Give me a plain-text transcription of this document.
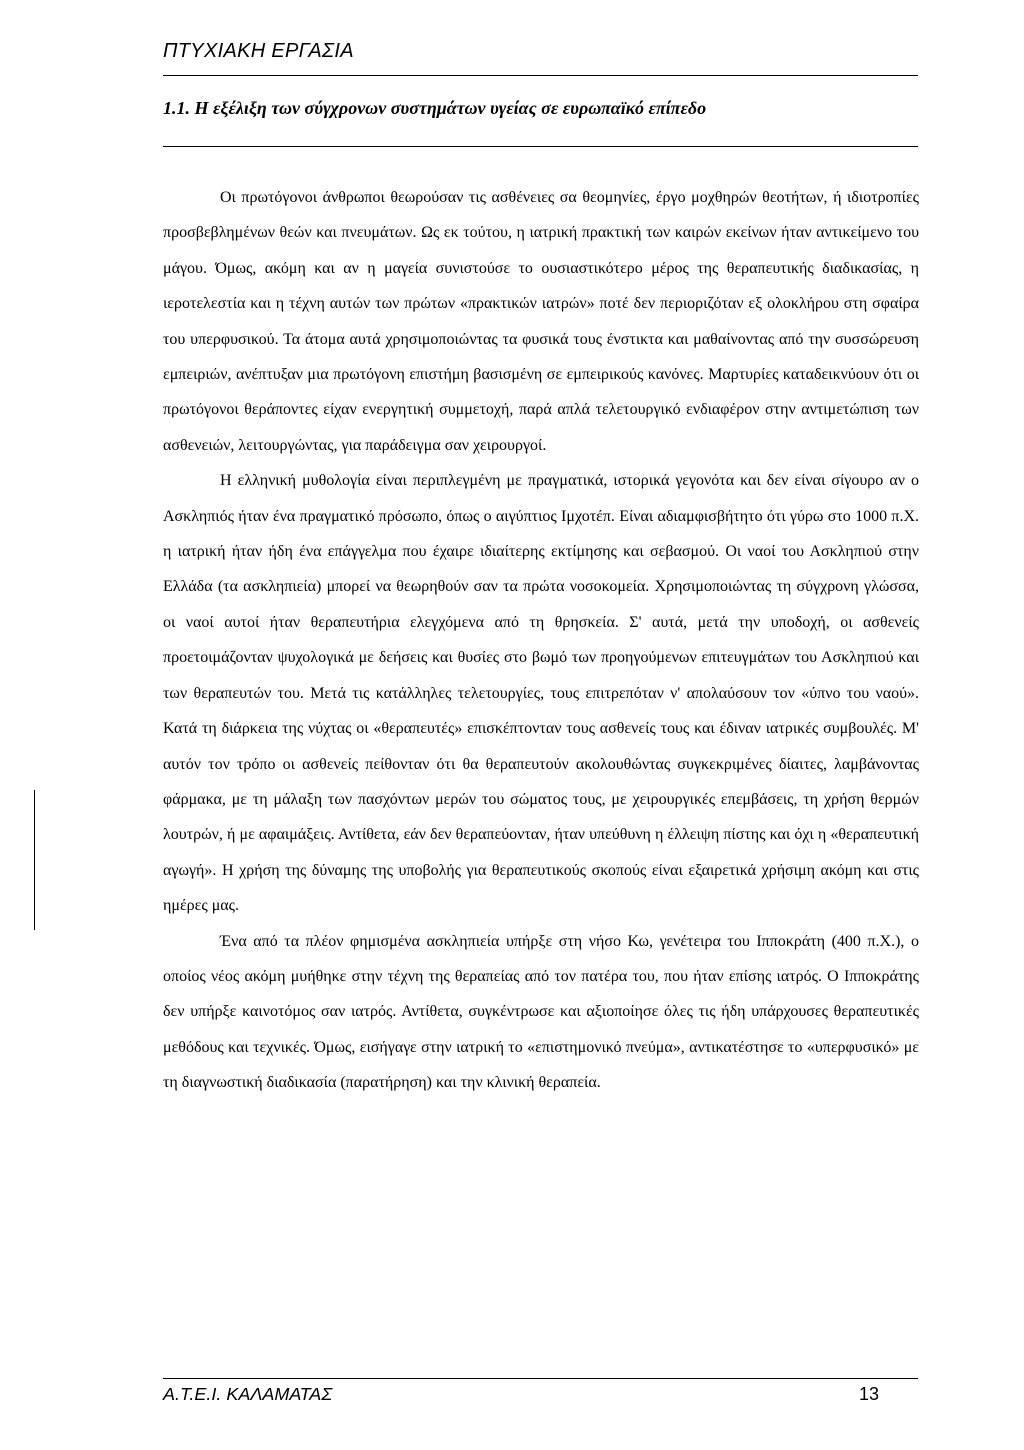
ΠΤΥΧΙΑΚΗ ΕΡΓΑΣΙΑ
1.1. Η εξέλιξη των σύγχρονων συστημάτων υγείας σε ευρωπαϊκό επίπεδο

Οι πρωτόγονοι άνθρωποι θεωρούσαν τις ασθένειες σα θεομηνίες, έργο μοχθηρών θεοτήτων, ή ιδιοτροπίες προσβεβλημένων θεών και πνευμάτων. Ως εκ τούτου, η ιατρική πρακτική των καιρών εκείνων ήταν αντικείμενο του μάγου. Όμως, ακόμη και αν η μαγεία συνιστούσε το ουσιαστικότερο μέρος της θεραπευτικής διαδικασίας, η ιεροτελεστία και η τέχνη αυτών των πρώτων «πρακτικών ιατρών» ποτέ δεν περιοριζόταν εξ ολοκλήρου στη σφαίρα του υπερφυσικού. Τα άτομα αυτά χρησιμοποιώντας τα φυσικά τους ένστικτα και μαθαίνοντας από την συσσώρευση εμπειριών, ανέπτυξαν μια πρωτόγονη επιστήμη βασισμένη σε εμπειρικούς κανόνες. Μαρτυρίες καταδεικνύουν ότι οι πρωτόγονοι θεράποντες είχαν ενεργητική συμμετοχή, παρά απλά τελετουργικό ενδιαφέρον στην αντιμετώπιση των ασθενειών, λειτουργώντας, για παράδειγμα σαν χειρουργοί.

Η ελληνική μυθολογία είναι περιπλεγμένη με πραγματικά, ιστορικά γεγονότα και δεν είναι σίγουρο αν ο Ασκληπιός ήταν ένα πραγματικό πρόσωπο, όπως ο αιγύπτιος Ιμχοτέπ. Είναι αδιαμφισβήτητο ότι γύρω στο 1000 π.Χ. η ιατρική ήταν ήδη ένα επάγγελμα που έχαιρε ιδιαίτερης εκτίμησης και σεβασμού. Οι ναοί του Ασκληπιού στην Ελλάδα (τα ασκληπιεία) μπορεί να θεωρηθούν σαν τα πρώτα νοσοκομεία. Χρησιμοποιώντας τη σύγχρονη γλώσσα, οι ναοί αυτοί ήταν θεραπευτήρια ελεγχόμενα από τη θρησκεία. Σ' αυτά, μετά την υποδοχή, οι ασθενείς προετοιμάζονταν ψυχολογικά με δεήσεις και θυσίες στο βωμό των προηγούμενων επιτευγμάτων του Ασκληπιού και των θεραπευτών του. Μετά τις κατάλληλες τελετουργίες, τους επιτρεπόταν ν' απολαύσουν τον «ύπνο του ναού». Κατά τη διάρκεια της νύχτας οι «θεραπευτές» επισκέπτονταν τους ασθενείς τους και έδιναν ιατρικές συμβουλές. Μ' αυτόν τον τρόπο οι ασθενείς πείθονταν ότι θα θεραπευτούν ακολουθώντας συγκεκριμένες δίαιτες, λαμβάνοντας φάρμακα, με τη μάλαξη των πασχόντων μερών του σώματος τους, με χειρουργικές επεμβάσεις, τη χρήση θερμών λουτρών, ή με αφαιμάξεις. Αντίθετα, εάν δεν θεραπεύονταν, ήταν υπεύθυνη η έλλειψη πίστης και όχι η «θεραπευτική αγωγή». Η χρήση της δύναμης της υποβολής για θεραπευτικούς σκοπούς είναι εξαιρετικά χρήσιμη ακόμη και στις ημέρες μας.

Ένα από τα πλέον φημισμένα ασκληπιεία υπήρξε στη νήσο Κω, γενέτειρα του Ιπποκράτη (400 π.Χ.), ο οποίος νέος ακόμη μυήθηκε στην τέχνη της θεραπείας από τον πατέρα του, που ήταν επίσης ιατρός. Ο Ιπποκράτης δεν υπήρξε καινοτόμος σαν ιατρός. Αντίθετα, συγκέντρωσε και αξιοποίησε όλες τις ήδη υπάρχουσες θεραπευτικές μεθόδους και τεχνικές. Όμως, εισήγαγε στην ιατρική το «επιστημονικό πνεύμα», αντικατέστησε το «υπερφυσικό» με τη διαγνωστική διαδικασία (παρατήρηση) και την κλινική θεραπεία.

Α.Τ.Ε.Ι. ΚΑΛΑΜΑΤΑΣ	13
